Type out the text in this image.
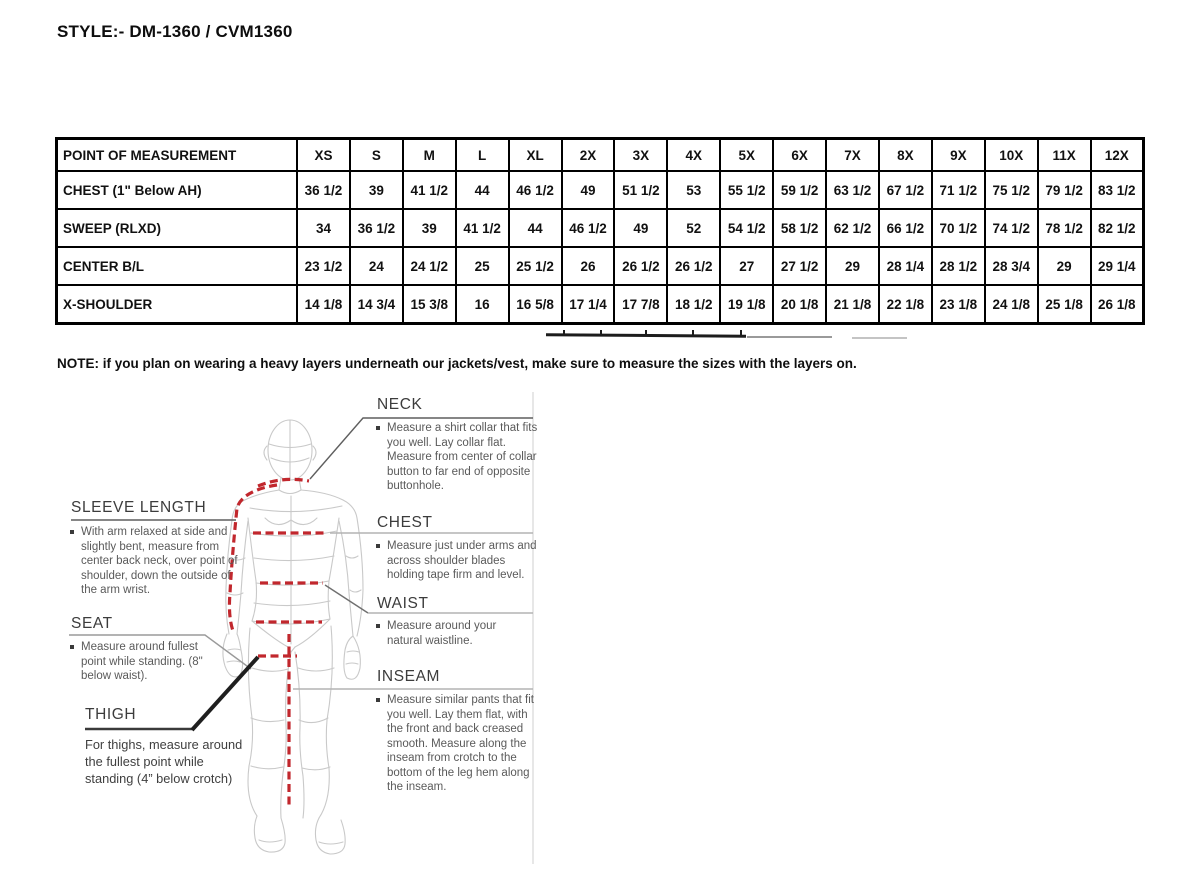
STYLE:- DM-1360 / CVM1360
POINT OF MEASUREMENT	XS	S	M	L	XL	2X	3X	4X	5X	6X	7X	8X	9X	10X	11X	12X
CHEST (1" Below AH)	36 1/2	39	41 1/2	44	46 1/2	49	51 1/2	53	55 1/2	59 1/2	63 1/2	67 1/2	71 1/2	75 1/2	79 1/2	83 1/2
SWEEP (RLXD)	34	36 1/2	39	41 1/2	44	46 1/2	49	52	54 1/2	58 1/2	62 1/2	66 1/2	70 1/2	74 1/2	78 1/2	82 1/2
CENTER B/L	23 1/2	24	24 1/2	25	25 1/2	26	26 1/2	26 1/2	27	27 1/2	29	28 1/4	28 1/2	28 3/4	29	29 1/4
X-SHOULDER	14 1/8	14 3/4	15 3/8	16	16 5/8	17 1/4	17 7/8	18 1/2	19 1/8	20 1/8	21 1/8	22 1/8	23 1/8	24 1/8	25 1/8	26 1/8
NOTE: if you plan on wearing a heavy layers underneath our jackets/vest, make sure to measure the sizes with the layers on.
NECK
Measure a shirt collar that fits you well. Lay collar flat. Measure from center of collar button to far end of opposite buttonhole.
CHEST
Measure just under arms and across shoulder blades holding tape firm and level.
WAIST
Measure around your natural waistline.
INSEAM
Measure similar pants that fit you well. Lay them flat, with the front and back creased smooth. Measure along the inseam from crotch to the bottom of the leg hem along the inseam.
SLEEVE LENGTH
With arm relaxed at side and slightly bent, measure from center back neck, over point of shoulder, down the outside of the arm wrist.
SEAT
Measure around fullest point while standing. (8" below waist).
THIGH
For thighs, measure around the fullest point while standing (4” below crotch)
